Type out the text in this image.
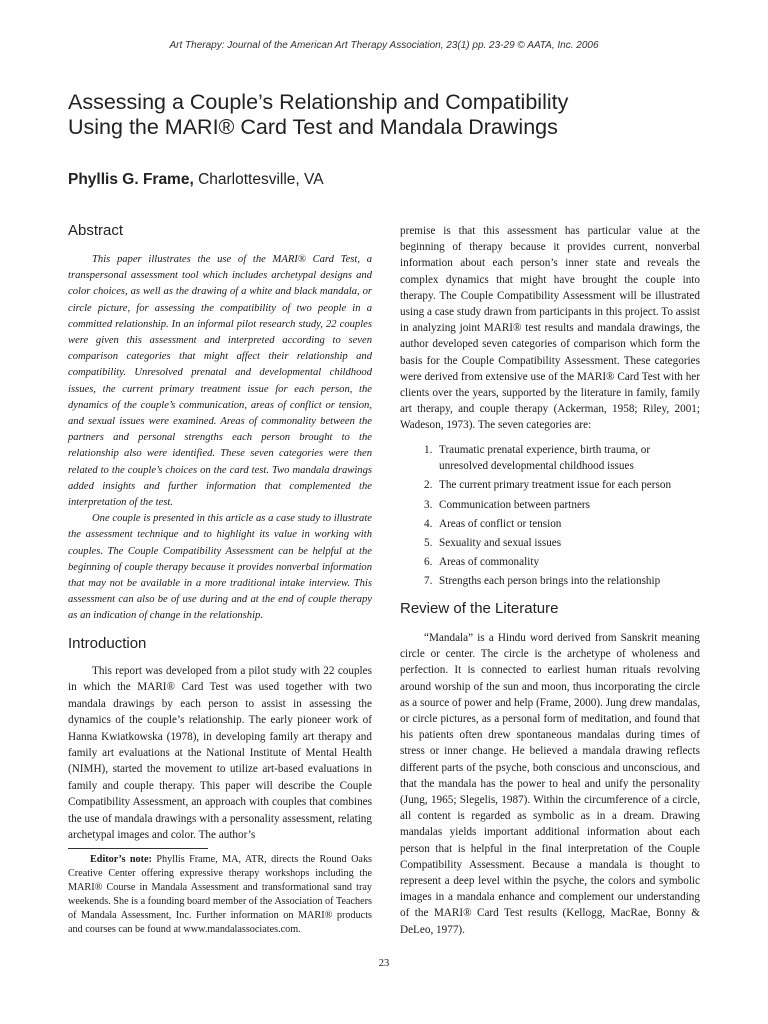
Art Therapy: Journal of the American Art Therapy Association, 23(1) pp. 23-29 © AATA, Inc. 2006
Assessing a Couple’s Relationship and Compatibility
Using the MARI® Card Test and Mandala Drawings
Phyllis G. Frame, Charlottesville, VA
Abstract

This paper illustrates the use of the MARI® Card Test, a transpersonal assessment tool which includes archetypal designs and color choices, as well as the drawing of a white and black mandala, or circle picture, for assessing the compatibility of two people in a committed relationship. In an informal pilot research study, 22 couples were given this assessment and interpreted according to seven comparison categories that might affect their relationship and compatibility. Unresolved prenatal and developmental childhood issues, the current primary treatment issue for each person, the dynamics of the couple’s communication, areas of conflict or tension, and sexual issues were examined. Areas of commonality between the partners and personal strengths each person brought to the relationship also were identified. These seven categories were then related to the couple’s choices on the card test. Two mandala drawings added insights and further information that complemented the interpretation of the test.

One couple is presented in this article as a case study to illustrate the assessment technique and to highlight its value in working with couples. The Couple Compatibility Assessment can be helpful at the beginning of couple therapy because it provides nonverbal information that may not be available in a more traditional intake interview. This assessment can also be of use during and at the end of couple therapy as an indication of change in the relationship.

Introduction

This report was developed from a pilot study with 22 couples in which the MARI® Card Test was used together with two mandala drawings by each person to assist in assessing the dynamics of the couple’s relationship. The early pioneer work of Hanna Kwiatkowska (1978), in developing family art therapy and family art evaluations at the National Institute of Mental Health (NIMH), started the movement to utilize art-based evaluations in family and couple therapy. This paper will describe the Couple Compatibility Assessment, an approach with couples that combines the use of mandala drawings with a personality assessment, relating archetypal images and color. The author’s

Editor’s note: Phyllis Frame, MA, ATR, directs the Round Oaks Creative Center offering expressive therapy workshops including the MARI® Course in Mandala Assessment and transformational sand tray weekends. She is a founding board member of the Association of Teachers of Mandala Assessment, Inc. Further information on MARI® products and courses can be found at www.mandalassociates.com.

premise is that this assessment has particular value at the beginning of therapy because it provides current, nonverbal information about each person’s inner state and reveals the complex dynamics that might have brought the couple into therapy. The Couple Compatibility Assessment will be illustrated using a case study drawn from participants in this project. To assist in analyzing joint MARI® test results and mandala drawings, the author developed seven categories of comparison which form the basis for the Couple Compatibility Assessment. These categories were derived from extensive use of the MARI® Card Test with her clients over the years, supported by the literature in family, family art therapy, and couple therapy (Ackerman, 1958; Riley, 2001; Wadeson, 1973). The seven categories are:

1. Traumatic prenatal experience, birth trauma, or unresolved developmental childhood issues
2. The current primary treatment issue for each person
3. Communication between partners
4. Areas of conflict or tension
5. Sexuality and sexual issues
6. Areas of commonality
7. Strengths each person brings into the relationship
Review of the Literature

“Mandala” is a Hindu word derived from Sanskrit meaning circle or center. The circle is the archetype of wholeness and perfection. It is connected to earliest human rituals revolving around worship of the sun and moon, thus incorporating the circle as a source of power and help (Frame, 2000). Jung drew mandalas, or circle pictures, as a personal form of meditation, and found that his patients often drew spontaneous mandalas during times of stress or inner change. He believed a mandala drawing reflects different parts of the psyche, both conscious and unconscious, and that the mandala has the power to heal and unify the personality (Jung, 1965; Slegelis, 1987). Within the circumference of a circle, all content is regarded as symbolic as in a dream. Drawing mandalas yields important additional information about each person that is helpful in the final interpretation of the Couple Compatibility Assessment. Because a mandala is thought to represent a deep level within the psyche, the colors and symbolic images in a mandala enhance and complement our understanding of the MARI® Card Test results (Kellogg, MacRae, Bonny & DeLeo, 1977).

23
